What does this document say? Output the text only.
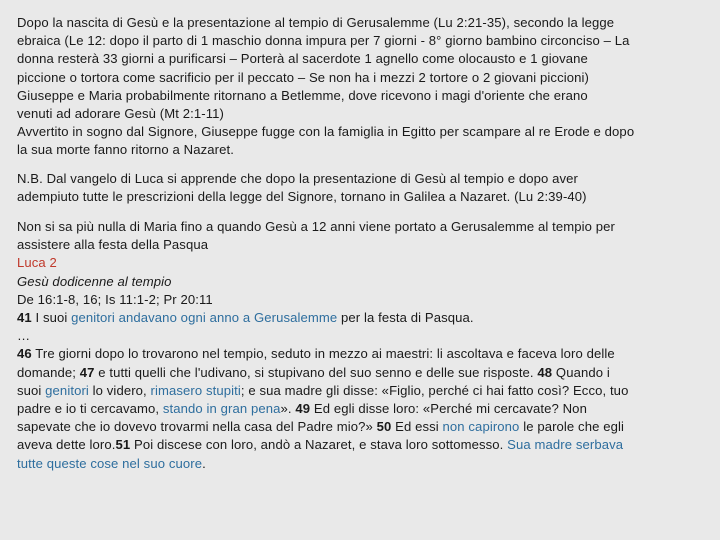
Dopo la nascita di Gesù e la presentazione al tempio di Gerusalemme (Lu 2:21-35), secondo la legge

ebraica (Le 12: dopo il parto di 1 maschio donna impura per 7 giorni - 8° giorno bambino circonciso – La

donna resterà 33 giorni a purificarsi – Porterà al sacerdote 1 agnello come olocausto e 1 giovane

piccione o tortora come sacrificio per il peccato – Se non ha i mezzi 2 tortore o 2 giovani piccioni)

Giuseppe e Maria probabilmente ritornano a Betlemme, dove ricevono i magi d'oriente che erano

venuti ad adorare Gesù (Mt 2:1-11)

Avvertito in sogno dal Signore, Giuseppe fugge con la famiglia in Egitto per scampare al re Erode e dopo

la sua morte fanno ritorno a Nazaret.

N.B. Dal vangelo di Luca si apprende che dopo la presentazione di Gesù al tempio e dopo aver

adempiuto tutte le prescrizioni della legge del Signore, tornano in Galilea a Nazaret. (Lu 2:39-40)

Non si sa più nulla di Maria fino a quando Gesù a 12 anni viene portato a Gerusalemme al tempio per

assistere alla festa della Pasqua

Luca 2

Gesù dodicenne al tempio

De 16:1-8, 16; Is 11:1-2; Pr 20:11

41 I suoi genitori andavano ogni anno a Gerusalemme per la festa di Pasqua.

…

46 Tre giorni dopo lo trovarono nel tempio, seduto in mezzo ai maestri: li ascoltava e faceva loro delle

domande; 47 e tutti quelli che l'udivano, si stupivano del suo senno e delle sue risposte. 48 Quando i

suoi genitori lo videro, rimasero stupiti; e sua madre gli disse: «Figlio, perché ci hai fatto così? Ecco, tuo

padre e io ti cercavamo, stando in gran pena». 49 Ed egli disse loro: «Perché mi cercavate? Non

sapevate che io dovevo trovarmi nella casa del Padre mio?» 50 Ed essi non capirono le parole che egli

aveva dette loro.51 Poi discese con loro, andò a Nazaret, e stava loro sottomesso. Sua madre serbava

tutte queste cose nel suo cuore.
